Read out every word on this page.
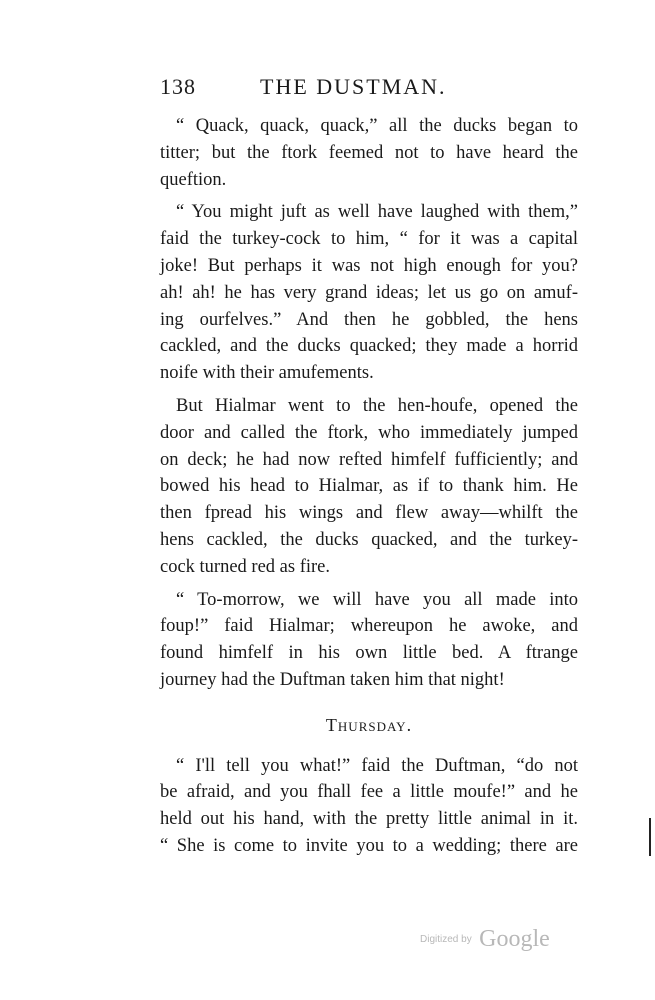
138	THE DUSTMAN.
“ Quack, quack, quack,” all the ducks began to
titter; but the ftork feemed not to have heard the
queftion.
“ You might juft as well have laughed with them,”
faid the turkey-cock to him, “ for it was a capital
joke! But perhaps it was not high enough for you?
ah! ah! he has very grand ideas; let us go on amuf-
ing ourfelves.” And then he gobbled, the hens
cackled, and the ducks quacked; they made a horrid
noife with their amufements.
But Hialmar went to the hen-houfe, opened the
door and called the ftork, who immediately jumped
on deck; he had now refted himfelf fufficiently; and
bowed his head to Hialmar, as if to thank him. He
then fpread his wings and flew away—whilft the
hens cackled, the ducks quacked, and the turkey-
cock turned red as fire.
“ To-morrow, we will have you all made into
foup!” faid Hialmar; whereupon he awoke, and
found himfelf in his own little bed. A ftrange
journey had the Duftman taken him that night!
Thursday.
“ I'll tell you what!” faid the Duftman, “do not
be afraid, and you fhall fee a little moufe!” and he
held out his hand, with the pretty little animal in it.
“ She is come to invite you to a wedding; there are
Digitized by Google
